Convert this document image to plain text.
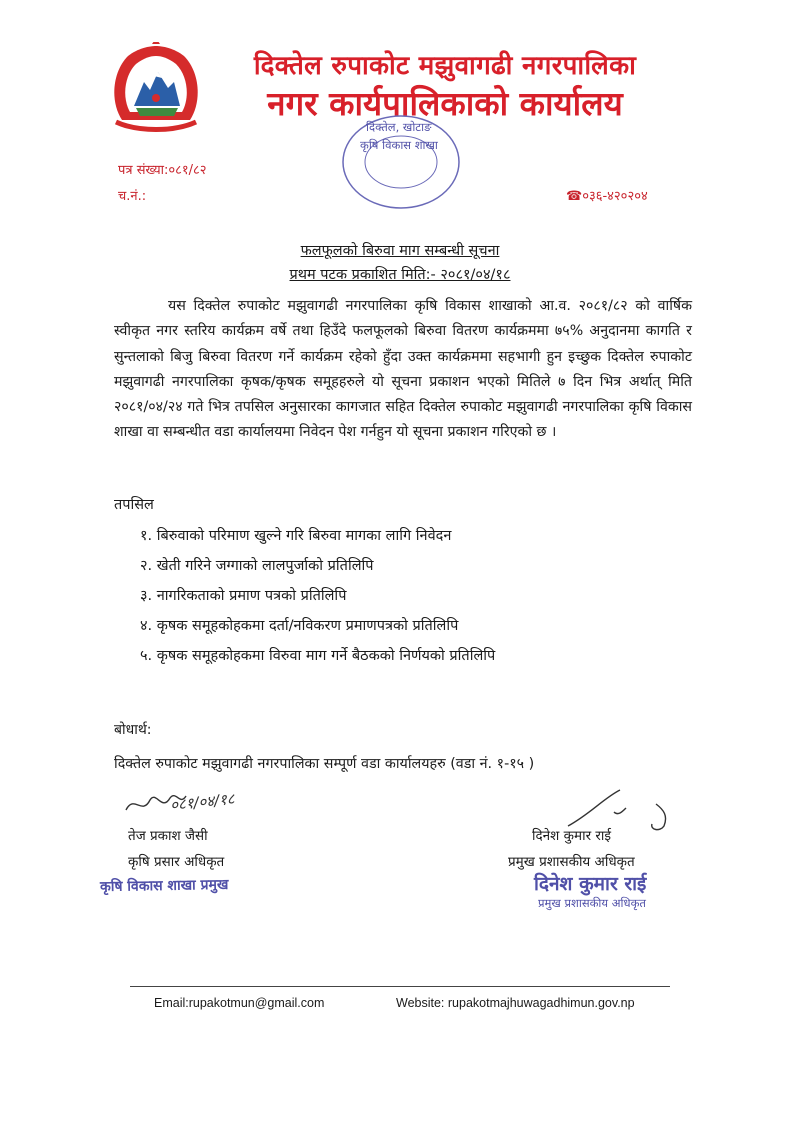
दिक्तेल रुपाकोट मझुवागढी नगरपालिका
नगर कार्यपालिकाको कार्यालय
दिक्तेल, खोटाङ
कृषि विकास शाखा
पत्र संख्या:०८१/८२
च.नं.:	☎०३६-४२०२०४
फलफूलको बिरुवा माग सम्बन्धी सूचना
प्रथम पटक प्रकाशित मिति:- २०८१/०४/१८

यस दिक्तेल रुपाकोट मझुवागढी नगरपालिका कृषि विकास शाखाको आ.व. २०८१/८२ को वार्षिक स्वीकृत नगर स्तरिय कार्यक्रम वर्षे तथा हिउँदे फलफूलको बिरुवा वितरण कार्यक्रममा ७५% अनुदानमा कागति र सुन्तलाको बिजु बिरुवा वितरण गर्ने कार्यक्रम रहेको हुँदा उक्त कार्यक्रममा सहभागी हुन इच्छुक दिक्तेल रुपाकोट मझुवागढी नगरपालिका कृषक/कृषक समूहहरुले यो सूचना प्रकाशन भएको मितिले ७ दिन भित्र अर्थात् मिति २०८१/०४/२४ गते भित्र तपसिल अनुसारका कागजात सहित दिक्तेल रुपाकोट मझुवागढी नगरपालिका कृषि विकास शाखा वा सम्बन्धीत वडा कार्यालयमा निवेदन पेश गर्नहुन यो सूचना प्रकाशन गरिएको छ ।

तपसिल
१. बिरुवाको परिमाण खुल्ने गरि बिरुवा मागका लागि निवेदन
२. खेती गरिने जग्गाको लालपुर्जाको प्रतिलिपि
३. नागरिकताको प्रमाण पत्रको प्रतिलिपि
४. कृषक समूहकोहकमा दर्ता/नविकरण प्रमाणपत्रको प्रतिलिपि
५. कृषक समूहकोहकमा विरुवा माग गर्ने बैठकको निर्णयको प्रतिलिपि
बोधार्थ:
दिक्तेल रुपाकोट मझुवागढी नगरपालिका सम्पूर्ण वडा कार्यालयहरु (वडा नं. १-१५ )
०८१/०४/१८
तेज प्रकाश जैसी
कृषि प्रसार अधिकृत
कृषि विकास शाखा प्रमुख
दिनेश कुमार राई
प्रमुख प्रशासकीय अधिकृत
दिनेश कुमार राई
प्रमुख प्रशासकीय अधिकृत
Email:rupakotmun@gmail.com	Website: rupakotmajhuwagadhimun.gov.np
